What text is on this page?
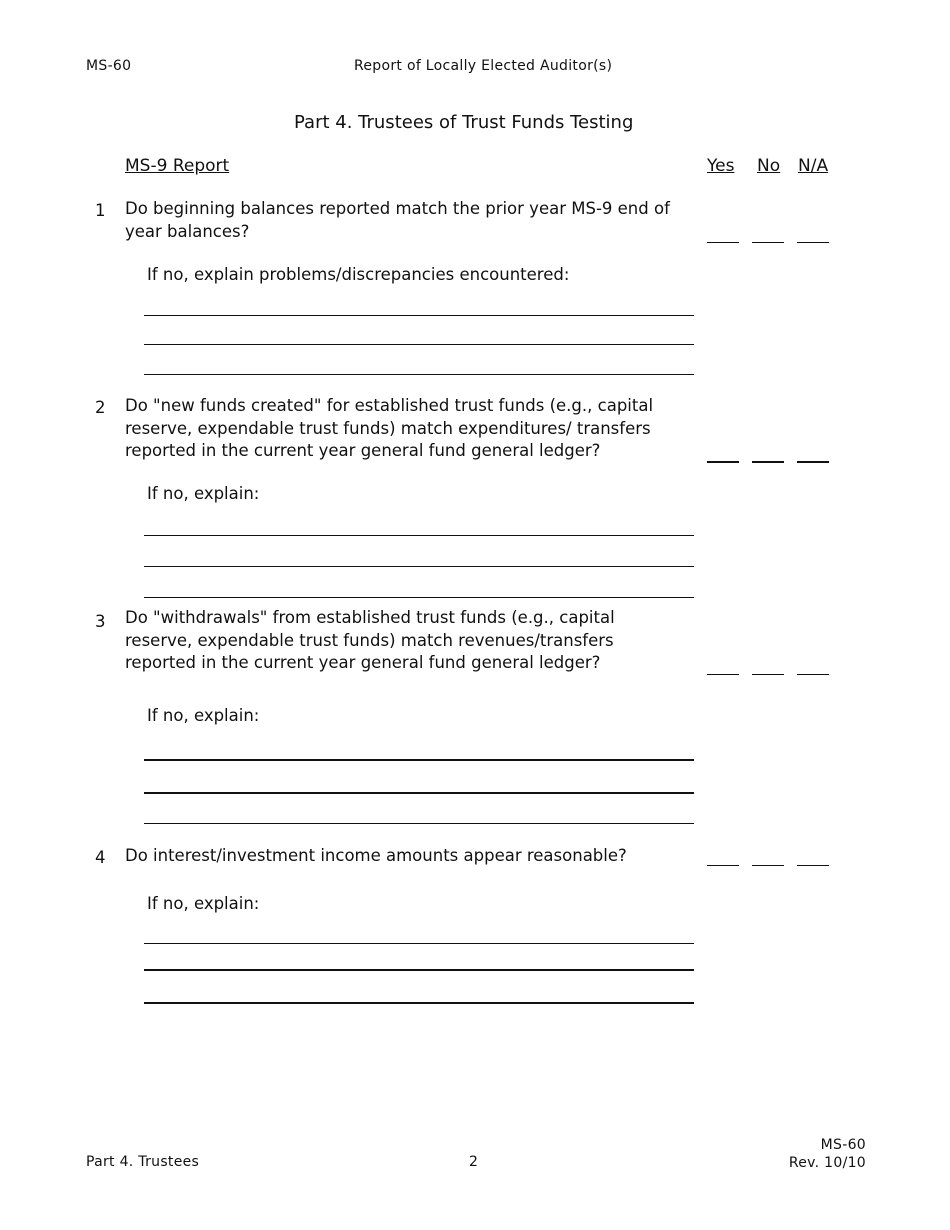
MS-60	Report of Locally Elected Auditor(s)
Part 4. Trustees of Trust Funds Testing
MS-9 Report	Yes No N/A
1 Do beginning balances reported match the prior year MS-9 end of
year balances?
If no, explain problems/discrepancies encountered:
2 Do "new funds created" for established trust funds (e.g., capital
reserve, expendable trust funds) match expenditures/ transfers
reported in the current year general fund general ledger?
If no, explain:
3 Do "withdrawals" from established trust funds (e.g., capital
reserve, expendable trust funds) match revenues/transfers
reported in the current year general fund general ledger?
If no, explain:
4 Do interest/investment income amounts appear reasonable?
If no, explain:
Part 4. Trustees	2
MS-60
Rev. 10/10
